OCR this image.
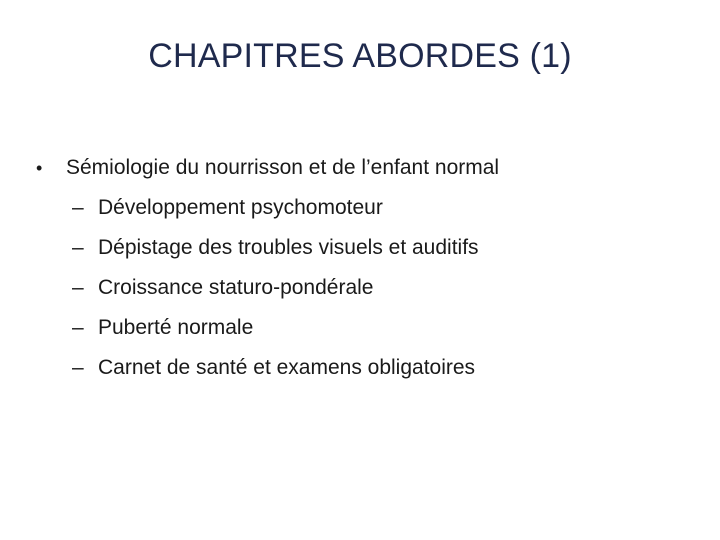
CHAPITRES ABORDES (1)
•	Sémiologie du nourrisson et de l’enfant normal
– Développement psychomoteur
– Dépistage des troubles visuels et auditifs
– Croissance staturo-pondérale
– Puberté normale
– Carnet de santé et examens obligatoires
